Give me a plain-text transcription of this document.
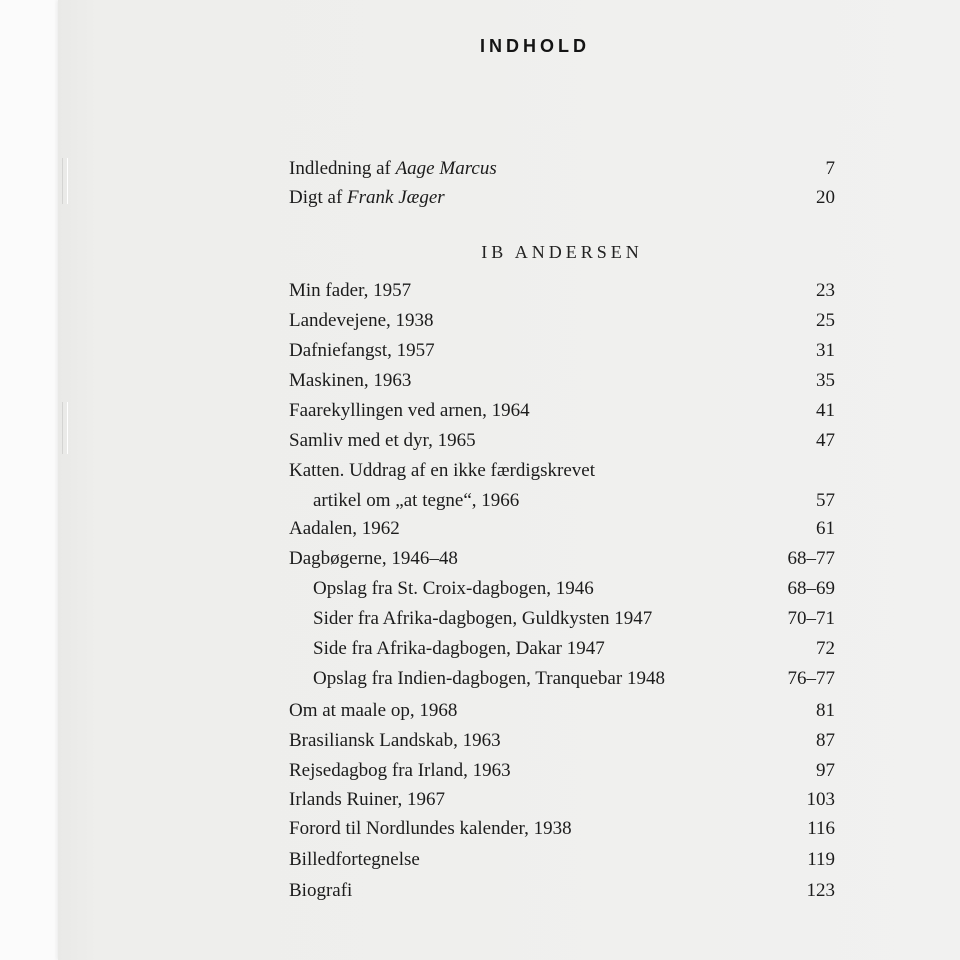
INDHOLD
Indledning af Aage Marcus	7
Digt af Frank Jæger	20
IB ANDERSEN
Min fader, 1957	23
Landevejene, 1938	25
Dafniefangst, 1957	31
Maskinen, 1963	35
Faarekyllingen ved arnen, 1964	41
Samliv med et dyr, 1965	47
Katten. Uddrag af en ikke færdigskrevet
artikel om „at tegne“, 1966	57
Aadalen, 1962	61
Dagbøgerne, 1946–48	68–77
Opslag fra St. Croix-dagbogen, 1946	68–69
Sider fra Afrika-dagbogen, Guldkysten 1947	70–71
Side fra Afrika-dagbogen, Dakar 1947	72
Opslag fra Indien-dagbogen, Tranquebar 1948	76–77
Om at maale op, 1968	81
Brasiliansk Landskab, 1963	87
Rejsedagbog fra Irland, 1963	97
Irlands Ruiner, 1967	103
Forord til Nordlundes kalender, 1938	116
Billedfortegnelse	119
Biografi	123
